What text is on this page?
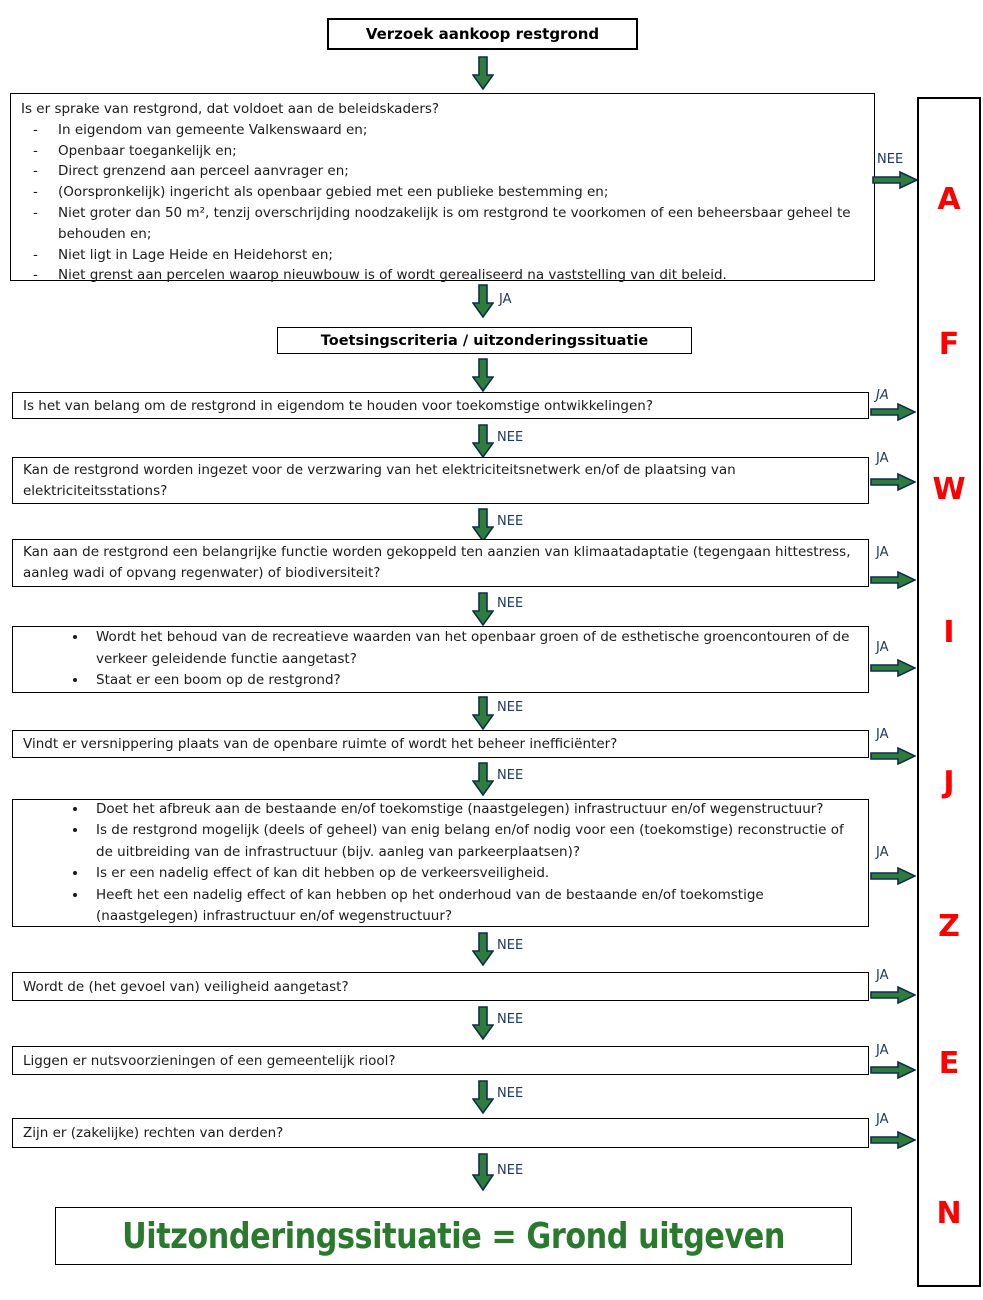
Verzoek aankoop restgrond
Is er sprake van restgrond, dat voldoet aan de beleidskaders?
- In eigendom van gemeente Valkenswaard en;
- Openbaar toegankelijk en;
- Direct grenzend aan perceel aanvrager en;
- (Oorspronkelijk) ingericht als openbaar gebied met een publieke bestemming en;
- Niet groter dan 50 m², tenzij overschrijding noodzakelijk is om restgrond te voorkomen of een beheersbaar geheel te behouden en;
- Niet ligt in Lage Heide en Heidehorst en;
- Niet grenst aan percelen waarop nieuwbouw is of wordt gerealiseerd na vaststelling van dit beleid.
NEE
JA
Toetsingscriteria / uitzonderingssituatie
Is het van belang om de restgrond in eigendom te houden voor toekomstige ontwikkelingen?
JA
NEE
Kan de restgrond worden ingezet voor de verzwaring van het elektriciteitsnetwerk en/of de plaatsing van elektriciteitsstations?
JA
NEE
Kan aan de restgrond een belangrijke functie worden gekoppeld ten aanzien van klimaatadaptatie (tegengaan hittestress, aanleg wadi of opvang regenwater) of biodiversiteit?
JA
NEE
• Wordt het behoud van de recreatieve waarden van het openbaar groen of de esthetische groencontouren of de verkeer geleidende functie aangetast?
• Staat er een boom op de restgrond?
JA
NEE
Vindt er versnippering plaats van de openbare ruimte of wordt het beheer inefficiënter?
JA
NEE
• Doet het afbreuk aan de bestaande en/of toekomstige (naastgelegen) infrastructuur en/of wegenstructuur?
• Is de restgrond mogelijk (deels of geheel) van enig belang en/of nodig voor een (toekomstige) reconstructie of de uitbreiding van de infrastructuur (bijv. aanleg van parkeerplaatsen)?
• Is er een nadelig effect of kan dit hebben op de verkeersveiligheid.
• Heeft het een nadelig effect of kan hebben op het onderhoud van de bestaande en/of toekomstige (naastgelegen) infrastructuur en/of wegenstructuur?
JA
NEE
Wordt de (het gevoel van) veiligheid aangetast?
JA
NEE
Liggen er nutsvoorzieningen of een gemeentelijk riool?
JA
NEE
Zijn er (zakelijke) rechten van derden?
JA
NEE
Uitzonderingssituatie = Grond uitgeven
A
F
W
I
J
Z
E
N
